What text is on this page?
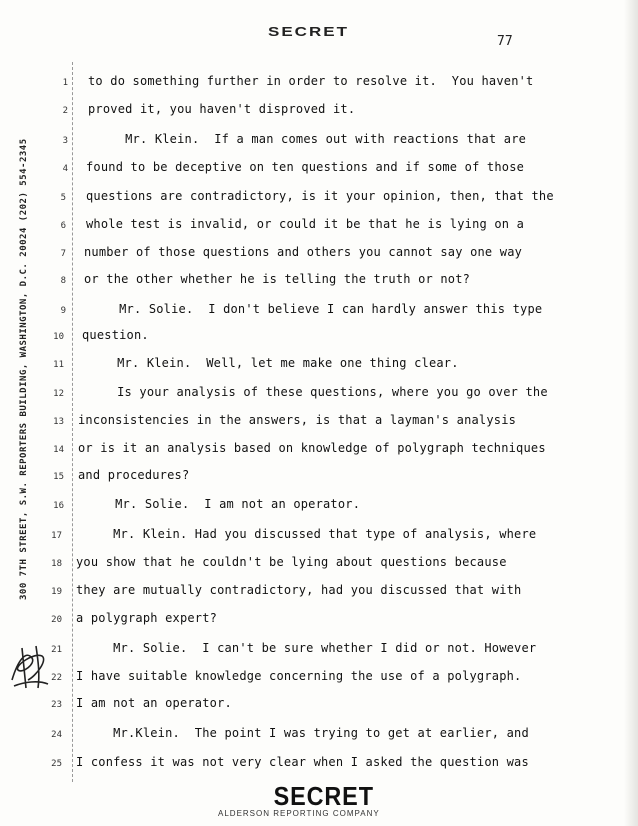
SECRET
77
300 7TH STREET, S.W. REPORTERS BUILDING, WASHINGTON, D.C. 20024 (202) 554-2345
1 to do something further in order to resolve it.  You haven't
2 proved it, you haven't disproved it.
3 Mr. Klein.  If a man comes out with reactions that are
4 found to be deceptive on ten questions and if some of those
5 questions are contradictory, is it your opinion, then, that the
6 whole test is invalid, or could it be that he is lying on a
7 number of those questions and others you cannot say one way
8 or the other whether he is telling the truth or not?
9 Mr. Solie.  I don't believe I can hardly answer this type
10 question.
11 Mr. Klein.  Well, let me make one thing clear.
12 Is your analysis of these questions, where you go over the
13 inconsistencies in the answers, is that a layman's analysis
14 or is it an analysis based on knowledge of polygraph techniques
15 and procedures?
16 Mr. Solie.  I am not an operator.
17 Mr. Klein. Had you discussed that type of analysis, where
18 you show that he couldn't be lying about questions because
19 they are mutually contradictory, had you discussed that with
20 a polygraph expert?
21 Mr. Solie.  I can't be sure whether I did or not. However
22 I have suitable knowledge concerning the use of a polygraph.
23 I am not an operator.
24 Mr.Klein.  The point I was trying to get at earlier, and
25 I confess it was not very clear when I asked the question was
SECRET
ALDERSON REPORTING COMPANY
